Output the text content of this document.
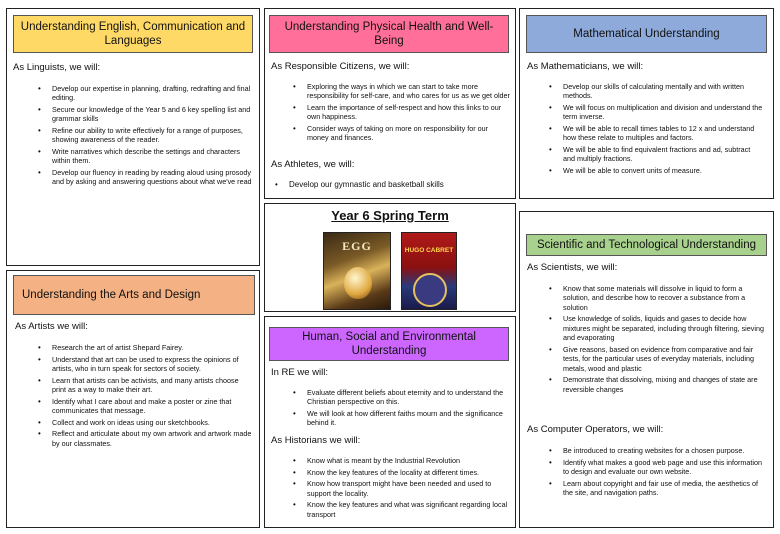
Understanding English, Communication and Languages
As Linguists, we will:
• Develop our expertise in planning, drafting, redrafting and final editing.
• Secure our knowledge of the Year 5 and 6 key spelling list and grammar skills
• Refine our ability to write effectively for a range of purposes, showing awareness of the reader.
• Write narratives which describe the settings and characters within them.
• Develop our fluency in reading by reading aloud using prosody and by asking and answering questions about what we've read
Understanding Physical Health and Well-Being
As Responsible Citizens, we will:
• Exploring the ways in which we can start to take more responsibility for self-care, and who cares for us as we get older
• Learn the importance of self-respect and how this links to our own happiness.
• Consider ways of taking on more on responsibility for our money and finances.
As Athletes, we will:
• Develop our gymnastic and basketball skills
Mathematical Understanding
As Mathematicians, we will:
• Develop our skills of calculating mentally and with written methods.
• We will focus on multiplication and division and understand the term inverse.
• We will be able to recall times tables to 12 x and understand how these relate to multiples and factors.
• We will be able to find equivalent fractions and ad, subtract and multiply fractions.
• We will be able to convert units of measure.
Year 6 Spring Term
EGG	HUGO CABRET
Understanding the Arts and Design
As Artists we will:
• Research the art of artist Shepard Fairey.
• Understand that art can be used to express the opinions of artists, who in turn speak for sectors of society.
• Learn that artists can be activists, and many artists choose print as a way to make their art.
• Identify what I care about and make a poster or zine that communicates that message.
• Collect and work on ideas using our sketchbooks.
• Reflect and articulate about my own artwork and artwork made by our classmates.
Human, Social and Environmental Understanding
In RE we will:
• Evaluate different beliefs about eternity and to understand the Christian perspective on this.
• We will look at how different faiths mourn and the significance behind it.
As Historians we will:
• Know what is meant by the Industrial Revolution
• Know the key features of the locality at different times.
• Know how transport might have been needed and used to support the locality.
• Know the key features and what was significant regarding local transport
Scientific and Technological Understanding
As Scientists, we will:
• Know that some materials will dissolve in liquid to form a solution, and describe how to recover a substance from a solution
• Use knowledge of solids, liquids and gases to decide how mixtures might be separated, including through filtering, sieving and evaporating
• Give reasons, based on evidence from comparative and fair tests, for the particular uses of everyday materials, including metals, wood and plastic
• Demonstrate that dissolving, mixing and changes of state are reversible changes
As Computer Operators, we will:
• Be introduced to creating websites for a chosen purpose.
• Identify what makes a good web page and use this information to design and evaluate our own website.
• Learn about copyright and fair use of media, the aesthetics of the site, and navigation paths.
